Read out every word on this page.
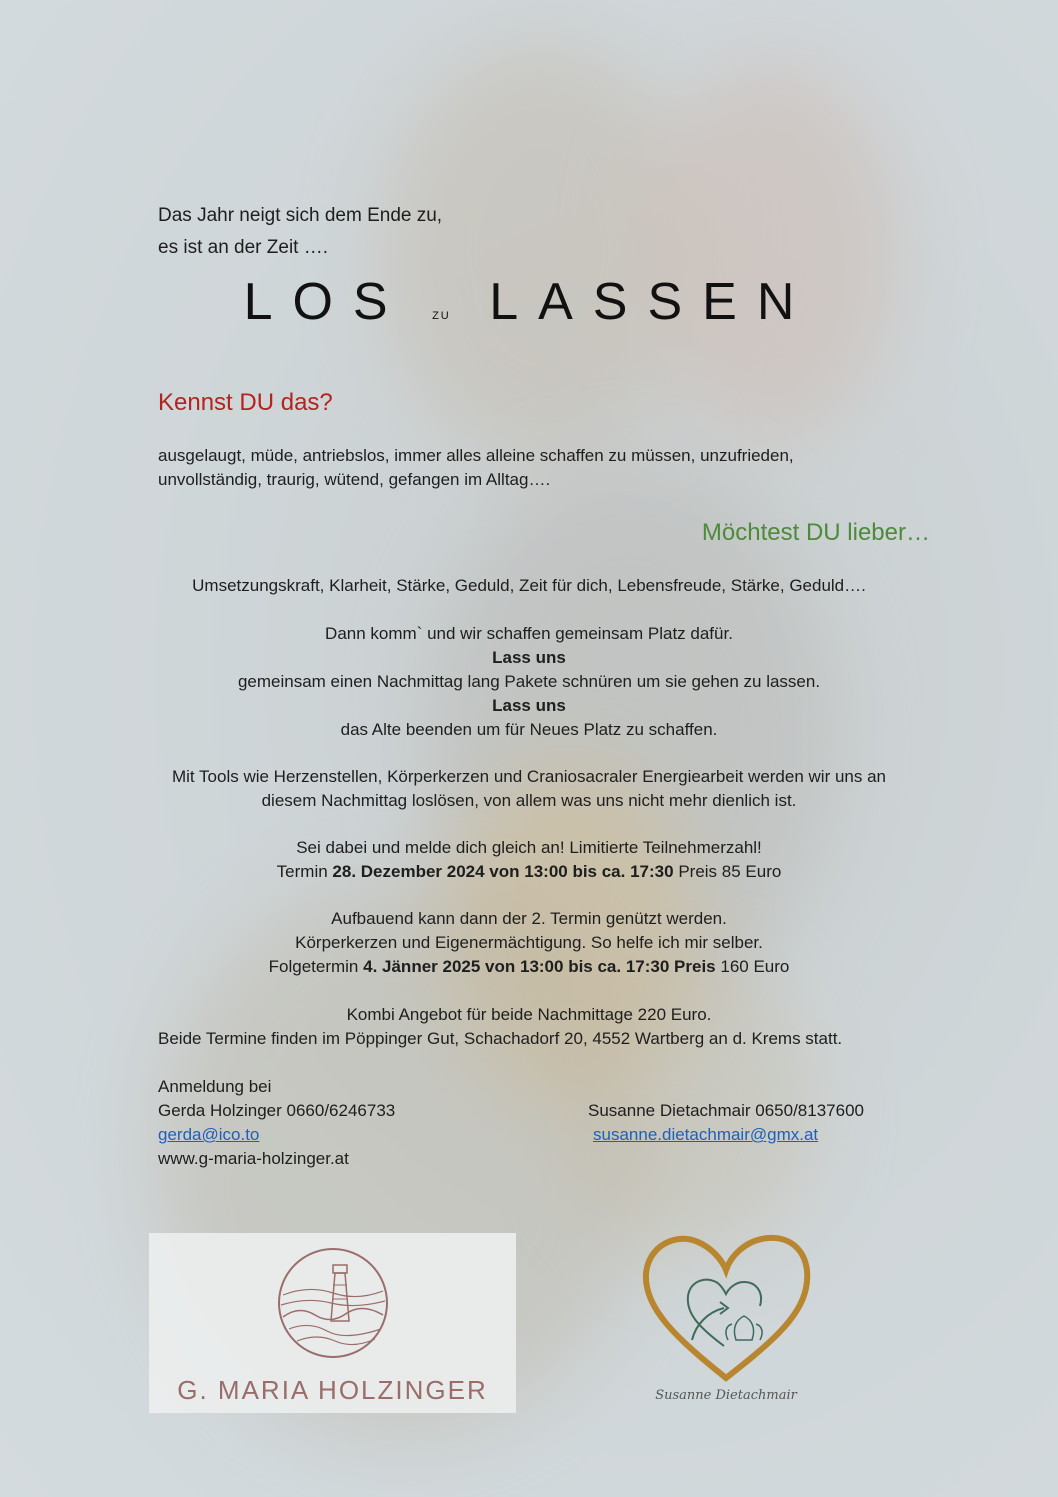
Das Jahr neigt sich dem Ende zu,
es ist an der Zeit ….
LOS ZU LASSEN
Kennst DU das?
ausgelaugt, müde, antriebslos, immer alles alleine schaffen zu müssen, unzufrieden,
unvollständig, traurig, wütend, gefangen im Alltag….
Möchtest DU lieber…
Umsetzungskraft, Klarheit, Stärke, Geduld, Zeit für dich, Lebensfreude, Stärke, Geduld….
Dann komm` und wir schaffen gemeinsam Platz dafür.
Lass uns
gemeinsam einen Nachmittag lang Pakete schnüren um sie gehen zu lassen.
Lass uns
das Alte beenden um für Neues Platz zu schaffen.
Mit Tools wie Herzenstellen, Körperkerzen und Craniosacraler Energiearbeit werden wir uns an
diesem Nachmittag loslösen, von allem was uns nicht mehr dienlich ist.
Sei dabei und melde dich gleich an! Limitierte Teilnehmerzahl!
Termin 28. Dezember 2024 von 13:00 bis ca. 17:30 Preis 85 Euro
Aufbauend kann dann der 2. Termin genützt werden.
Körperkerzen und Eigenermächtigung. So helfe ich mir selber.
Folgetermin 4. Jänner 2025 von 13:00 bis ca. 17:30 Preis 160 Euro
Kombi Angebot für beide Nachmittage 220 Euro.
Beide Termine finden im Pöppinger Gut, Schachadorf 20, 4552 Wartberg an d. Krems statt.
Anmeldung bei
Gerda Holzinger 0660/6246733
gerda@ico.to
www.g-maria-holzinger.at
Susanne Dietachmair 0650/8137600
susanne.dietachmair@gmx.at
G. MARIA HOLZINGER	Susanne Dietachmair
